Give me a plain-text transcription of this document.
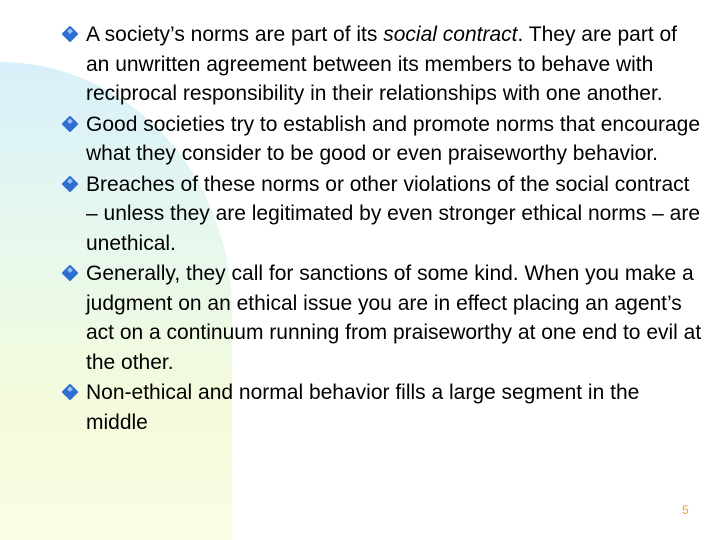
A society’s norms are part of its social contract. They are part of an unwritten agreement between its members to behave with reciprocal responsibility in their relationships with one another.
Good societies try to establish and promote norms that encourage what they consider to be good or even praiseworthy behavior.
Breaches of these norms or other violations of the social contract – unless they are legitimated by even stronger ethical norms – are unethical.
Generally, they call for sanctions of some kind. When you make a judgment on an ethical issue you are in effect placing an agent’s act on a continuum running from praiseworthy at one end to evil at the other.
Non-ethical and normal behavior fills a large segment in the middle
5
